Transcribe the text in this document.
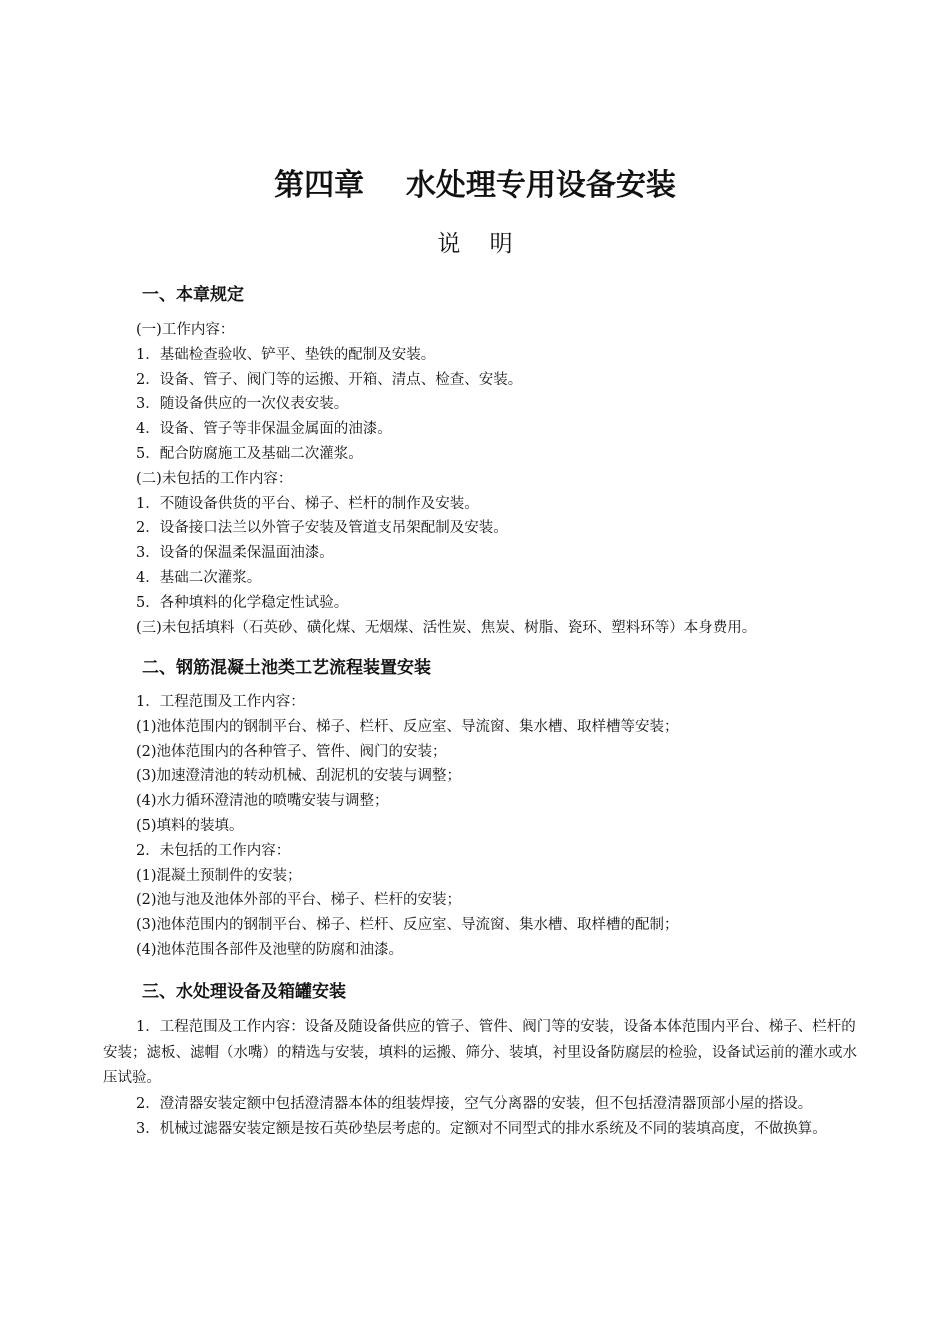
第四章    水处理专用设备安装
说    明
一、本章规定
(一)工作内容：
1．基础检查验收、铲平、垫铁的配制及安装。
2．设备、管子、阀门等的运搬、开箱、清点、检查、安装。
3．随设备供应的一次仪表安装。
4．设备、管子等非保温金属面的油漆。
5．配合防腐施工及基础二次灌浆。
(二)未包括的工作内容：
1．不随设备供货的平台、梯子、栏杆的制作及安装。
2．设备接口法兰以外管子安装及管道支吊架配制及安装。
3．设备的保温柔保温面油漆。
4．基础二次灌浆。
5．各种填料的化学稳定性试验。
(三)未包括填料（石英砂、磺化煤、无烟煤、活性炭、焦炭、树脂、瓷环、塑料环等）本身费用。
二、钢筋混凝土池类工艺流程装置安装
1．工程范围及工作内容：
(1)池体范围内的钢制平台、梯子、栏杆、反应室、导流窗、集水槽、取样槽等安装；
(2)池体范围内的各种管子、管件、阀门的安装；
(3)加速澄清池的转动机械、刮泥机的安装与调整；
(4)水力循环澄清池的喷嘴安装与调整；
(5)填料的装填。
2．未包括的工作内容：
(1)混凝土预制件的安装；
(2)池与池及池体外部的平台、梯子、栏杆的安装；
(3)池体范围内的钢制平台、梯子、栏杆、反应室、导流窗、集水槽、取样槽的配制；
(4)池体范围各部件及池壁的防腐和油漆。
三、水处理设备及箱罐安装

1．工程范围及工作内容：设备及随设备供应的管子、管件、阀门等的安装，设备本体范围内平台、梯子、栏杆的安装；滤板、滤帽（水嘴）的精选与安装，填料的运搬、筛分、装填，衬里设备防腐层的检验，设备试运前的灌水或水压试验。

2．澄清器安装定额中包括澄清器本体的组装焊接，空气分离器的安装，但不包括澄清器顶部小屋的搭设。

3．机械过滤器安装定额是按石英砂垫层考虑的。定额对不同型式的排水系统及不同的装填高度，不做换算。
